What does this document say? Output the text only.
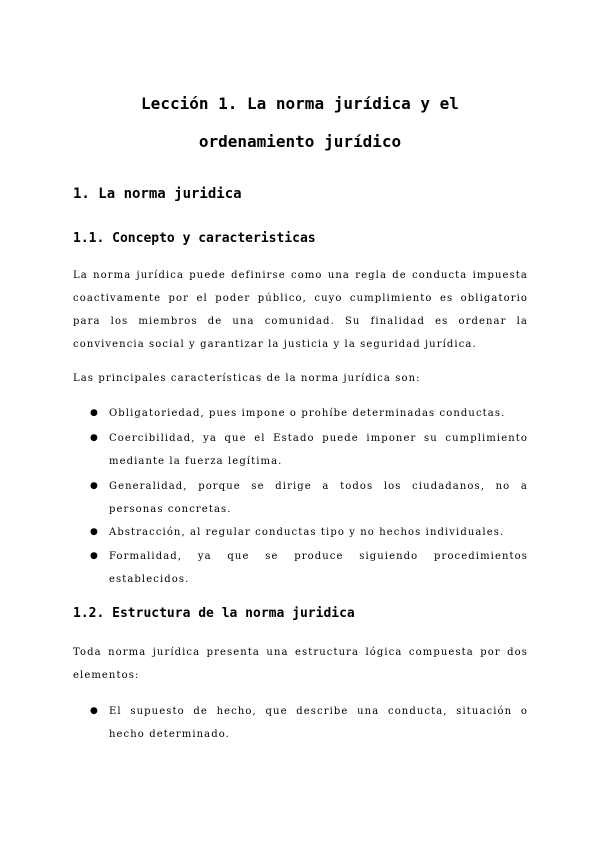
Lección 1. La norma jurídica y el
ordenamiento jurídico
1. La norma juridica
1.1. Concepto y caracteristicas

La norma jurídica puede definirse como una regla de conducta impuesta coactivamente por el poder público, cuyo cumplimiento es obligatorio para los miembros de una comunidad. Su finalidad es ordenar la convivencia social y garantizar la justicia y la seguridad jurídica.

Las principales características de la norma jurídica son:

● Obligatoriedad, pues impone o prohíbe determinadas conductas.
● Coercibilidad, ya que el Estado puede imponer su cumplimiento mediante la fuerza legítima.
● Generalidad, porque se dirige a todos los ciudadanos, no a personas concretas.
● Abstracción, al regular conductas tipo y no hechos individuales.
● Formalidad, ya que se produce siguiendo procedimientos establecidos.
1.2. Estructura de la norma juridica

Toda norma jurídica presenta una estructura lógica compuesta por dos elementos:

● El supuesto de hecho, que describe una conducta, situación o hecho determinado.
